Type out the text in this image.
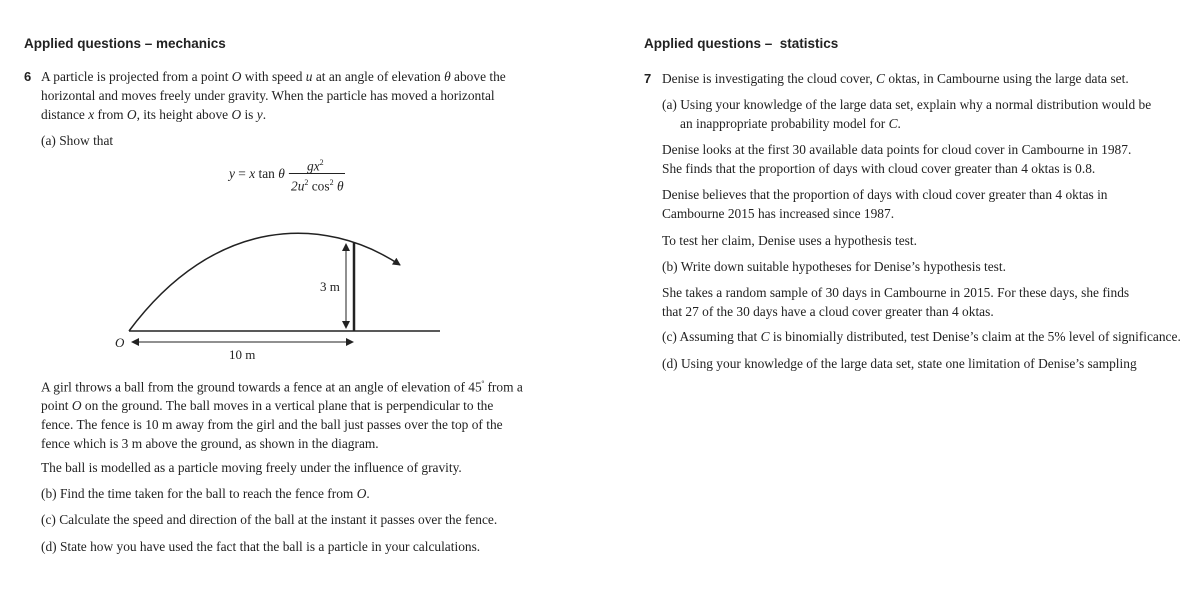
Applied questions – mechanics
6 A particle is projected from a point O with speed u at an angle of elevation θ above the horizontal and moves freely under gravity. When the particle has moved a horizontal distance x from O, its height above O is y.
(a) Show that
y = x tan θ −
$gx^2$
$2u^2$ $\cos^2 \theta$
O
3 m
10 m
A girl throws a ball from the ground towards a fence at an angle of elevation of $45^º$ from a point O on the ground. The ball moves in a vertical plane that is perpendicular to the fence. The fence is 10 m away from the girl and the ball just passes over the top of the fence which is 3 m above the ground, as shown in the diagram.
The ball is modelled as a particle moving freely under the influence of gravity.
(b) Find the time taken for the ball to reach the fence from O.
(c) Calculate the speed and direction of the ball at the instant it passes over the fence.
(d) State how you have used the fact that the ball is a particle in your calculations.
Applied questions –  statistics
7 Denise is investigating the cloud cover, C oktas, in Cambourne using the large data set.
(a) Using your knowledge of the large data set, explain why a normal distribution would be an inappropriate probability model for C.
Denise looks at the first 30 available data points for cloud cover in Cambourne in 1987. She finds that the proportion of days with cloud cover greater than 4 oktas is 0.8.
Denise believes that the proportion of days with cloud cover greater than 4 oktas in Cambourne 2015 has increased since 1987.
To test her claim, Denise uses a hypothesis test.
(b) Write down suitable hypotheses for Denise’s hypothesis test.
She takes a random sample of 30 days in Cambourne in 2015. For these days, she finds that 27 of the 30 days have a cloud cover greater than 4 oktas.
(c) Assuming that C is binomially distributed, test Denise’s claim at the 5% level of significance.
(d) Using your knowledge of the large data set, state one limitation of Denise’s sampling
